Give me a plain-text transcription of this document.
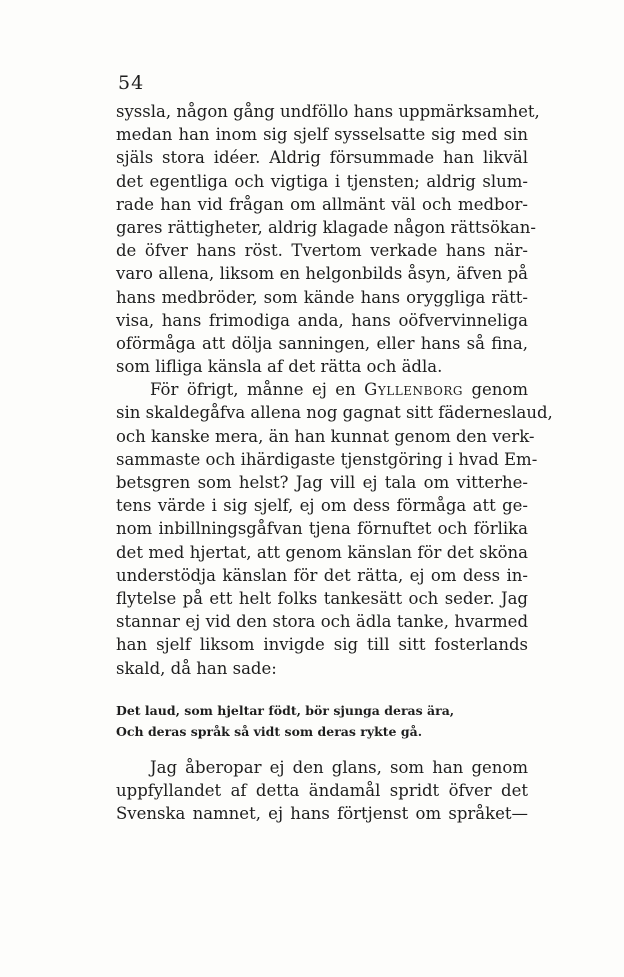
54
syssla, någon gång undföllo hans uppmärksamhet,
medan han inom sig sjelf sysselsatte sig med sin
själs stora idéer. Aldrig försummade han likväl
det egentliga och vigtiga i tjensten; aldrig slum-
rade han vid frågan om allmänt väl och medbor-
gares rättigheter, aldrig klagade någon rättsökan-
de öfver hans röst. Tvertom verkade hans när-
varo allena, liksom en helgonbilds åsyn, äfven på
hans medbröder, som kände hans oryggliga rätt-
visa, hans frimodiga anda, hans oöfvervinneliga
oförmåga att dölja sanningen, eller hans så fina,
som lifliga känsla af det rätta och ädla.
För öfrigt, månne ej en Gyllenborg genom
sin skaldegåfva allena nog gagnat sitt fäderneslaud,
och kanske mera, än han kunnat genom den verk-
sammaste och ihärdigaste tjenstgöring i hvad Em-
betsgren som helst? Jag vill ej tala om vitterhe-
tens värde i sig sjelf, ej om dess förmåga att ge-
nom inbillningsgåfvan tjena förnuftet och förlika
det med hjertat, att genom känslan för det sköna
understödja känslan för det rätta, ej om dess in-
flytelse på ett helt folks tankesätt och seder. Jag
stannar ej vid den stora och ädla tanke, hvarmed
han sjelf liksom invigde sig till sitt fosterlands
skald, då han sade:
Det laud, som hjeltar födt, bör sjunga deras ära,
Och deras språk så vidt som deras rykte gå.
Jag åberopar ej den glans, som han genom
uppfyllandet af detta ändamål spridt öfver det
Svenska namnet, ej hans förtjenst om språket—
